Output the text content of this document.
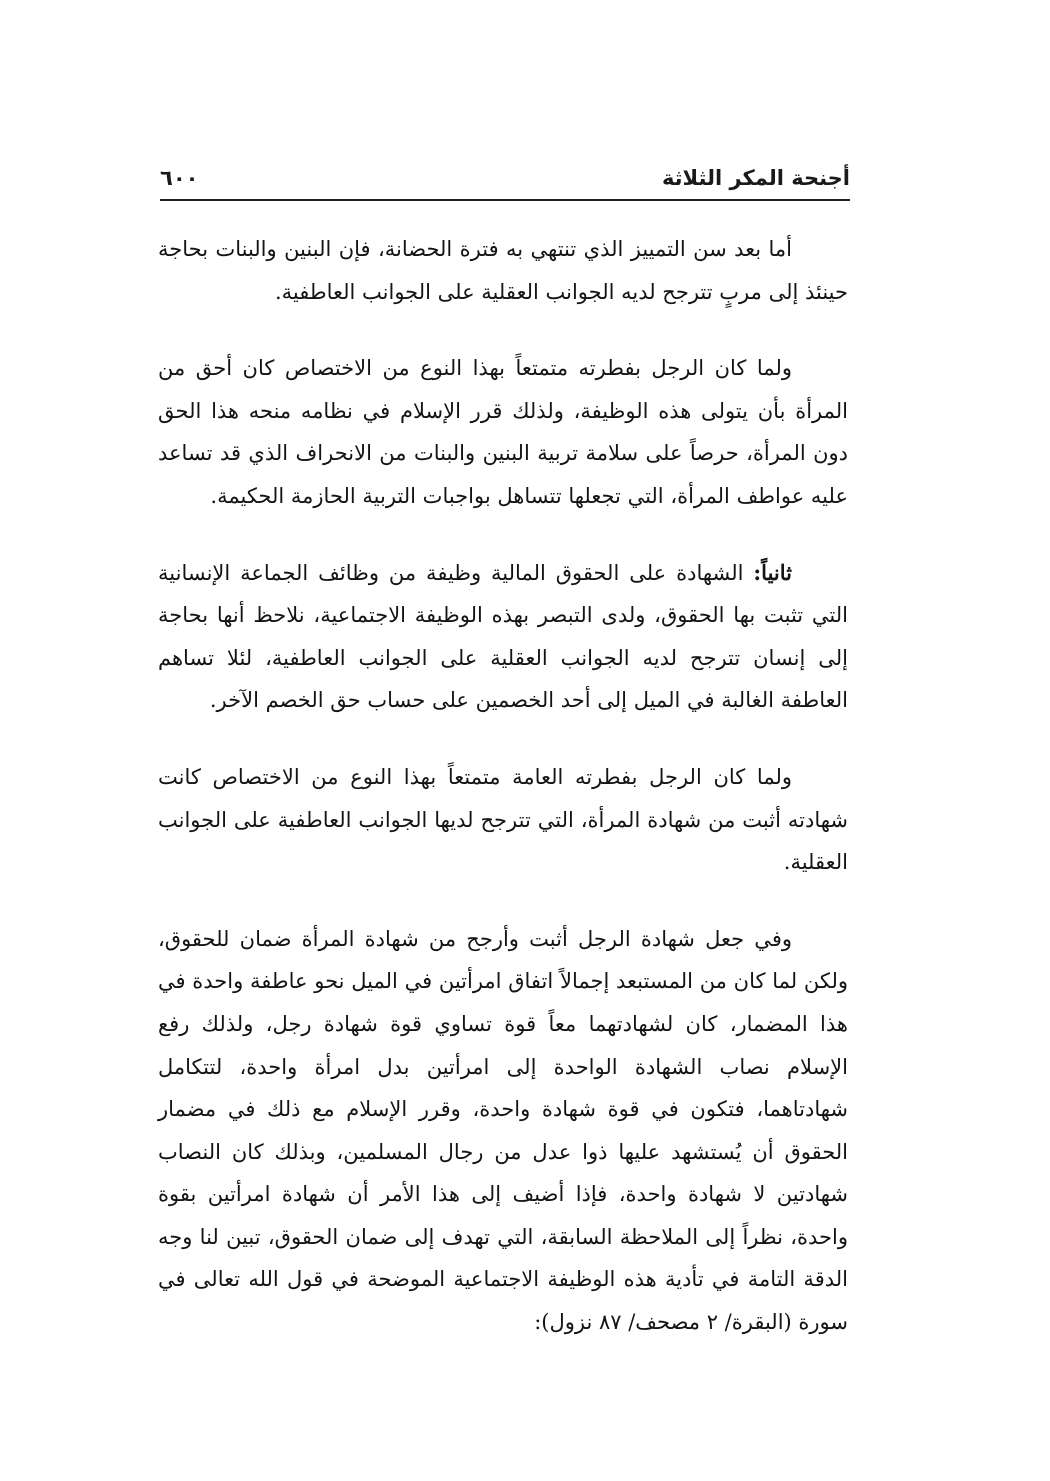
أجنحة المكر الثلاثة
٦٠٠

أما بعد سن التمييز الذي تنتهي به فترة الحضانة، فإن البنين والبنات بحاجة حينئذ إلى مربٍ تترجح لديه الجوانب العقلية على الجوانب العاطفية.

ولما كان الرجل بفطرته متمتعاً بهذا النوع من الاختصاص كان أحق من المرأة بأن يتولى هذه الوظيفة، ولذلك قرر الإسلام في نظامه منحه هذا الحق دون المرأة، حرصاً على سلامة تربية البنين والبنات من الانحراف الذي قد تساعد عليه عواطف المرأة، التي تجعلها تتساهل بواجبات التربية الحازمة الحكيمة.

ثانياً: الشهادة على الحقوق المالية وظيفة من وظائف الجماعة الإنسانية التي تثبت بها الحقوق، ولدى التبصر بهذه الوظيفة الاجتماعية، نلاحظ أنها بحاجة إلى إنسان تترجح لديه الجوانب العقلية على الجوانب العاطفية، لئلا تساهم العاطفة الغالبة في الميل إلى أحد الخصمين على حساب حق الخصم الآخر.

ولما كان الرجل بفطرته العامة متمتعاً بهذا النوع من الاختصاص كانت شهادته أثبت من شهادة المرأة، التي تترجح لديها الجوانب العاطفية على الجوانب العقلية.

وفي جعل شهادة الرجل أثبت وأرجح من شهادة المرأة ضمان للحقوق، ولكن لما كان من المستبعد إجمالاً اتفاق امرأتين في الميل نحو عاطفة واحدة في هذا المضمار، كان لشهادتهما معاً قوة تساوي قوة شهادة رجل، ولذلك رفع الإسلام نصاب الشهادة الواحدة إلى امرأتين بدل امرأة واحدة، لتتكامل شهادتاهما، فتكون في قوة شهادة واحدة، وقرر الإسلام مع ذلك في مضمار الحقوق أن يُستشهد عليها ذوا عدل من رجال المسلمين، وبذلك كان النصاب شهادتين لا شهادة واحدة، فإذا أضيف إلى هذا الأمر أن شهادة امرأتين بقوة واحدة، نظراً إلى الملاحظة السابقة، التي تهدف إلى ضمان الحقوق، تبين لنا وجه الدقة التامة في تأدية هذه الوظيفة الاجتماعية الموضحة في قول الله تعالى في سورة (البقرة/ ٢ مصحف/ ٨٧ نزول):
